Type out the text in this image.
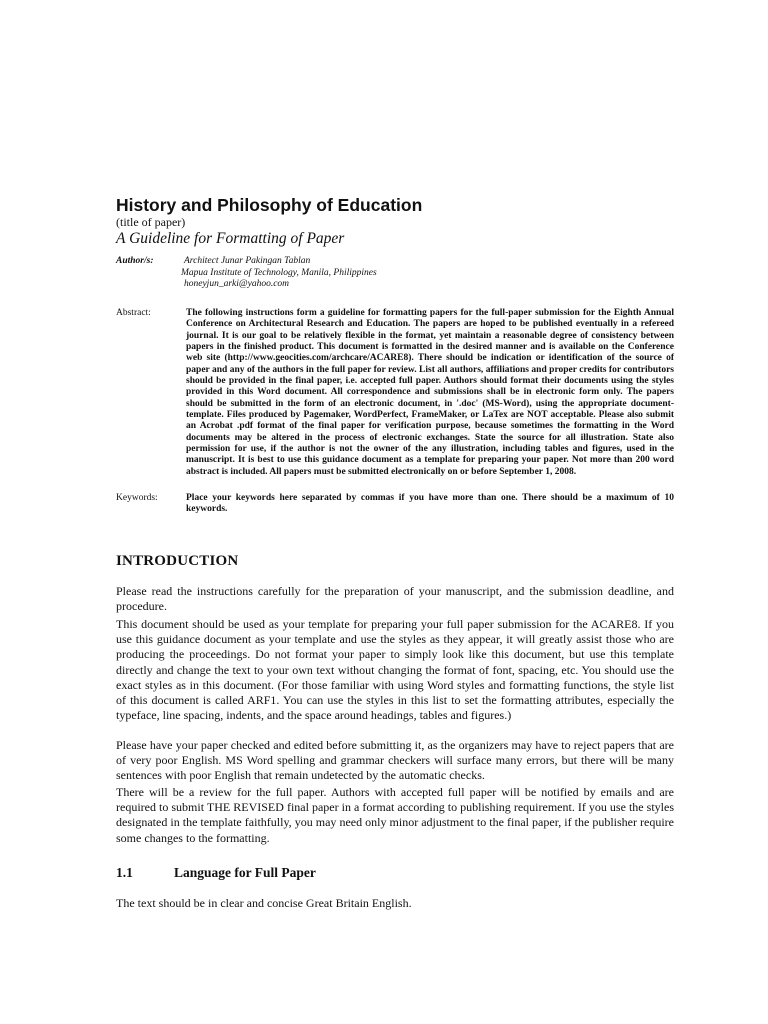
History and Philosophy of Education
(title of paper)
A Guideline for Formatting of Paper
Author/s:	Architect Junar Pakingan Tablan
Mapua Institute of Technology, Manila, Philippines
honeyjun_arki@yahoo.com
Abstract:	The following instructions form a guideline for formatting papers for the full-paper submission for the Eighth Annual Conference on Architectural Research and Education. The papers are hoped to be published eventually in a refereed journal. It is our goal to be relatively flexible in the format, yet maintain a reasonable degree of consistency between papers in the finished product. This document is formatted in the desired manner and is available on the Conference web site (http://www.geocities.com/archcare/ACARE8). There should be indication or identification of the source of paper and any of the authors in the full paper for review. List all authors, affiliations and proper credits for contributors should be provided in the final paper, i.e. accepted full paper. Authors should format their documents using the styles provided in this Word document. All correspondence and submissions shall be in electronic form only. The papers should be submitted in the form of an electronic document, in '.doc' (MS-Word), using the appropriate document-template. Files produced by Pagemaker, WordPerfect, FrameMaker, or LaTex are NOT acceptable. Please also submit an Acrobat .pdf format of the final paper for verification purpose, because sometimes the formatting in the Word documents may be altered in the process of electronic exchanges. State the source for all illustration. State also permission for use, if the author is not the owner of the any illustration, including tables and figures, used in the manuscript. It is best to use this guidance document as a template for preparing your paper. Not more than 200 word abstract is included. All papers must be submitted electronically on or before September 1, 2008.
Keywords:	Place your keywords here separated by commas if you have more than one. There should be a maximum of 10 keywords.
INTRODUCTION
Please read the instructions carefully for the preparation of your manuscript, and the submission deadline, and procedure.
This document should be used as your template for preparing your full paper submission for the ACARE8. If you use this guidance document as your template and use the styles as they appear, it will greatly assist those who are producing the proceedings. Do not format your paper to simply look like this document, but use this template directly and change the text to your own text without changing the format of font, spacing, etc. You should use the exact styles as in this document. (For those familiar with using Word styles and formatting functions, the style list of this document is called ARF1. You can use the styles in this list to set the formatting attributes, especially the typeface, line spacing, indents, and the space around headings, tables and figures.)
Please have your paper checked and edited before submitting it, as the organizers may have to reject papers that are of very poor English. MS Word spelling and grammar checkers will surface many errors, but there will be many sentences with poor English that remain undetected by the automatic checks.
There will be a review for the full paper. Authors with accepted full paper will be notified by emails and are required to submit THE REVISED final paper in a format according to publishing requirement. If you use the styles designated in the template faithfully, you may need only minor adjustment to the final paper, if the publisher require some changes to the formatting.
1.1	Language for Full Paper
The text should be in clear and concise Great Britain English.
